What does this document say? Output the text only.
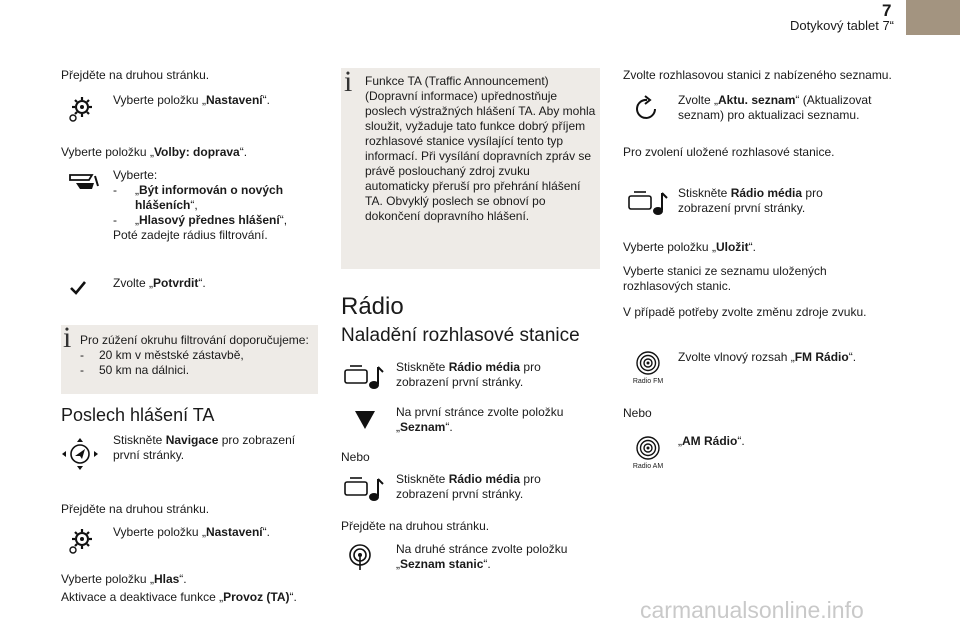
7
Dotykový tablet 7“
Přejděte na druhou stránku.
Vyberte položku „Nastavení“.
Vyberte položku „Volby: doprava“.
Vyberte:
-	„Být informován o nových hlášeních“,
-	„Hlasový přednes hlášení“,
Poté zadejte rádius filtrování.
Zvolte „Potvrdit“.
i Pro zúžení okruhu filtrování doporučujeme:
- 20 km v městské zástavbě,
- 50 km na dálnici.
Poslech hlášení TA
Stiskněte Navigace pro zobrazení první stránky.
Přejděte na druhou stránku.
Vyberte položku „Nastavení“.
Vyberte položku „Hlas“.
Aktivace a deaktivace funkce „Provoz (TA)“.
i Funkce TA (Traffic Announcement) (Dopravní informace) upřednostňuje poslech výstražných hlášení TA. Aby mohla sloužit, vyžaduje tato funkce dobrý příjem rozhlasové stanice vysílající tento typ informací. Při vysílání dopravních zpráv se právě poslouchaný zdroj zvuku automaticky přeruší pro přehrání hlášení TA. Obvyklý poslech se obnoví po dokončení dopravního hlášení.
Rádio
Naladění rozhlasové stanice
Stiskněte Rádio média pro zobrazení první stránky.
Na první stránce zvolte položku „Seznam“.
Nebo
Stiskněte Rádio média pro zobrazení první stránky.
Přejděte na druhou stránku.
Na druhé stránce zvolte položku „Seznam stanic“.
Zvolte rozhlasovou stanici z nabízeného seznamu.
Zvolte „Aktu. seznam“ (Aktualizovat seznam) pro aktualizaci seznamu.
Pro zvolení uložené rozhlasové stanice.
Stiskněte Rádio média pro zobrazení první stránky.
Vyberte položku „Uložit“.
Vyberte stanici ze seznamu uložených rozhlasových stanic.
V případě potřeby zvolte změnu zdroje zvuku.
Radio FM
Zvolte vlnový rozsah „FM Rádio“.
Nebo
Radio AM
„AM Rádio“.
carmanualsonline.info
